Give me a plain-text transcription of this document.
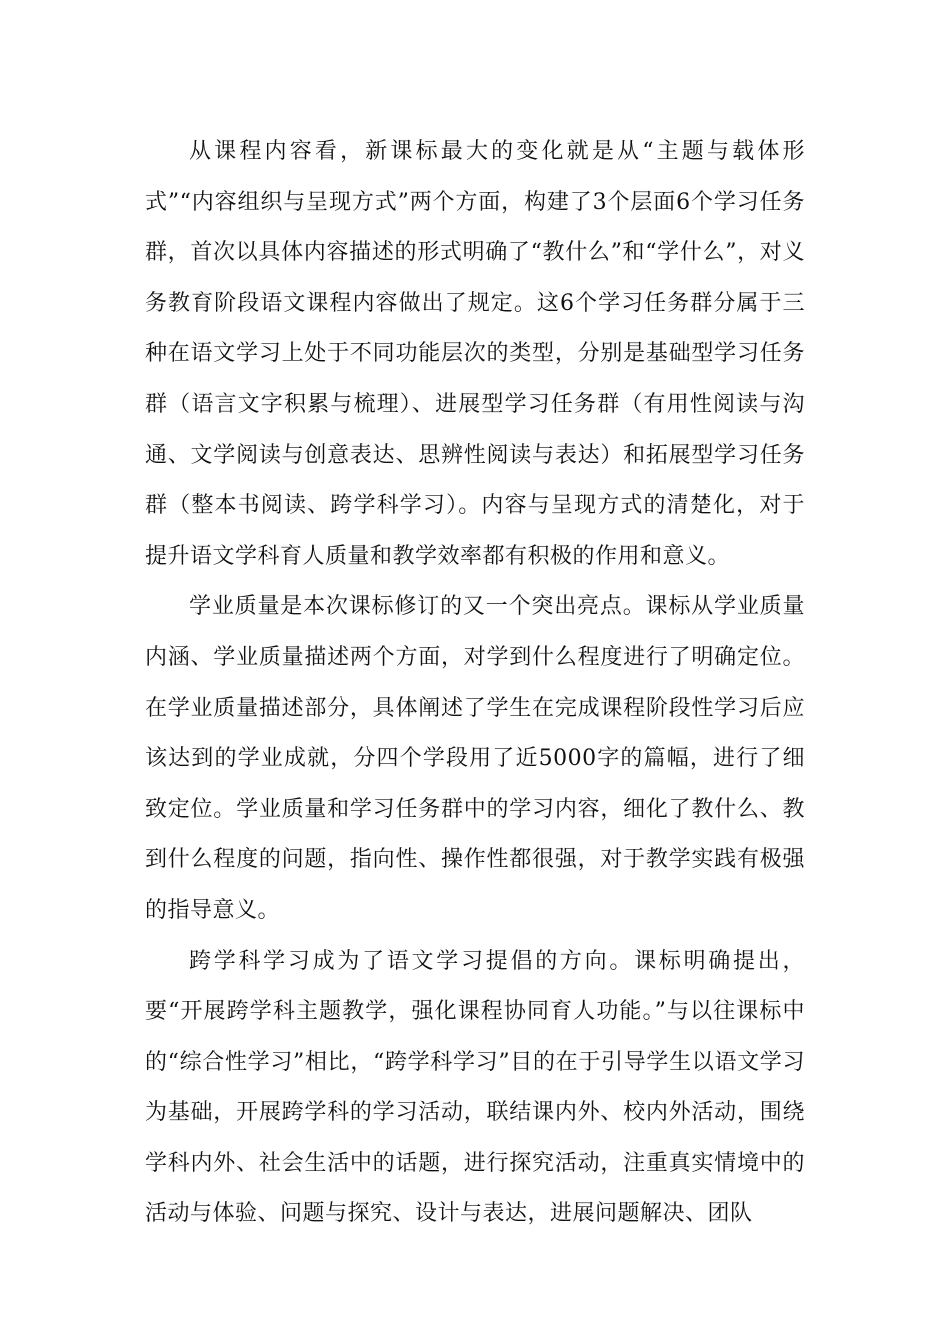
从课程内容看，新课标最大的变化就是从“主题与载体形式”“内容组织与呈现方式”两个方面，构建了3个层面6个学习任务群，首次以具体内容描述的形式明确了“教什么”和“学什么”，对义务教育阶段语文课程内容做出了规定。这6个学习任务群分属于三种在语文学习上处于不同功能层次的类型，分别是基础型学习任务群（语言文字积累与梳理）、进展型学习任务群（有用性阅读与沟通、文学阅读与创意表达、思辨性阅读与表达）和拓展型学习任务群（整本书阅读、跨学科学习）。内容与呈现方式的清楚化，对于提升语文学科育人质量和教学效率都有积极的作用和意义。

学业质量是本次课标修订的又一个突出亮点。课标从学业质量内涵、学业质量描述两个方面，对学到什么程度进行了明确定位。在学业质量描述部分，具体阐述了学生在完成课程阶段性学习后应该达到的学业成就，分四个学段用了近5000字的篇幅，进行了细致定位。学业质量和学习任务群中的学习内容，细化了教什么、教到什么程度的问题，指向性、操作性都很强，对于教学实践有极强的指导意义。

跨学科学习成为了语文学习提倡的方向。课标明确提出，要“开展跨学科主题教学，强化课程协同育人功能。”与以往课标中的“综合性学习”相比，“跨学科学习”目的在于引导学生以语文学习为基础，开展跨学科的学习活动，联结课内外、校内外活动，围绕学科内外、社会生活中的话题，进行探究活动，注重真实情境中的活动与体验、问题与探究、设计与表达，进展问题解决、团队
